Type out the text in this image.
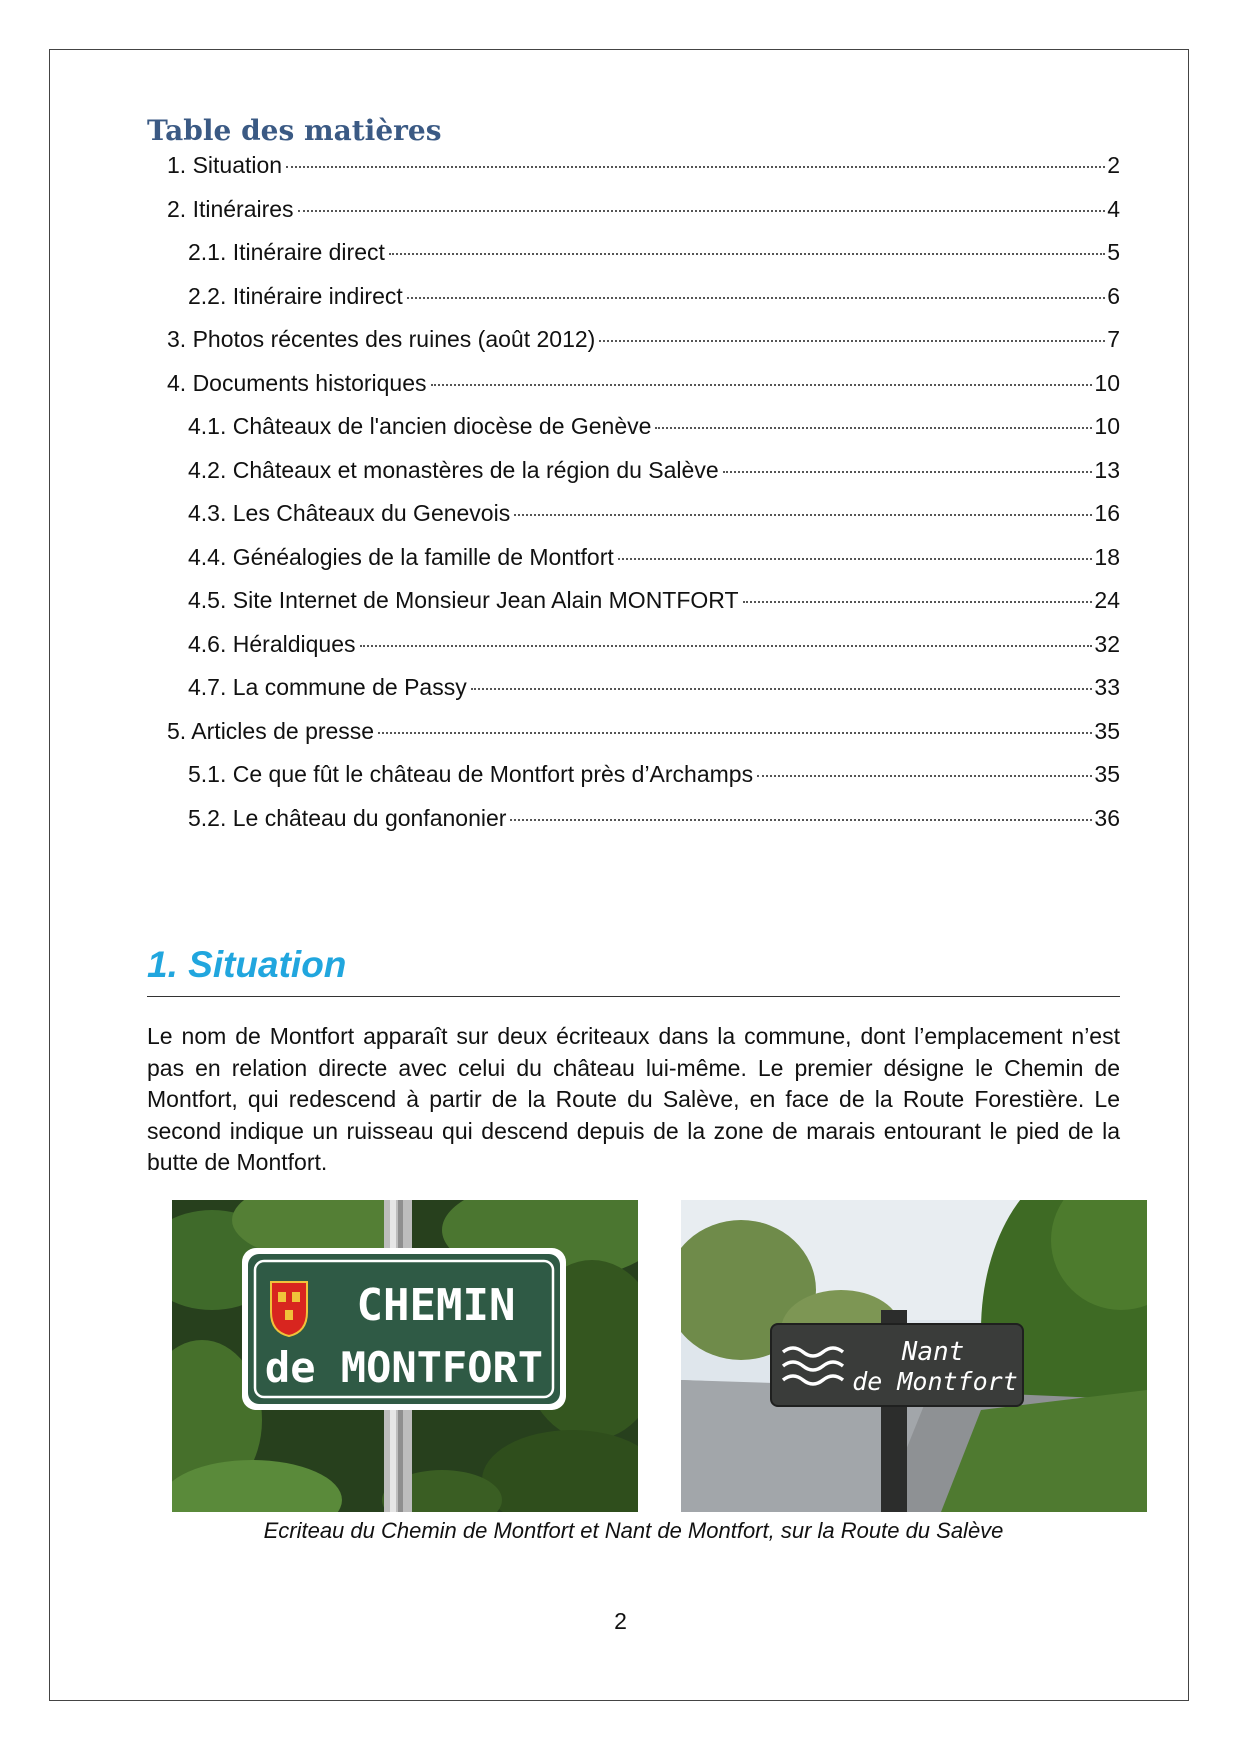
Table des matières
1. Situation	2
2. Itinéraires	4
2.1. Itinéraire direct	5
2.2. Itinéraire indirect	6
3. Photos récentes des ruines (août 2012)	7
4. Documents historiques	10
4.1. Châteaux de l'ancien diocèse de Genève	10
4.2. Châteaux et monastères de la région du Salève	13
4.3. Les Châteaux du Genevois	16
4.4. Généalogies de la famille de Montfort	18
4.5. Site Internet de Monsieur Jean Alain MONTFORT	24
4.6. Héraldiques	32
4.7. La commune de Passy	33
5. Articles de presse	35
5.1. Ce que fût le château de Montfort près d’Archamps	35
5.2. Le château du gonfanonier	36
1. Situation

Le nom de Montfort apparaît sur deux écriteaux dans la commune, dont l’emplacement n’est pas en relation directe avec celui du château lui-même. Le premier désigne le Chemin de Montfort, qui redescend à partir de la Route du Salève, en face de la Route Forestière. Le second indique un ruisseau qui descend depuis de la zone de marais entourant le pied de la butte de Montfort.

CHEMIN
de MONTFORT	Nant
de Montfort

Ecriteau du Chemin de Montfort et Nant de Montfort, sur la Route du Salève

2
